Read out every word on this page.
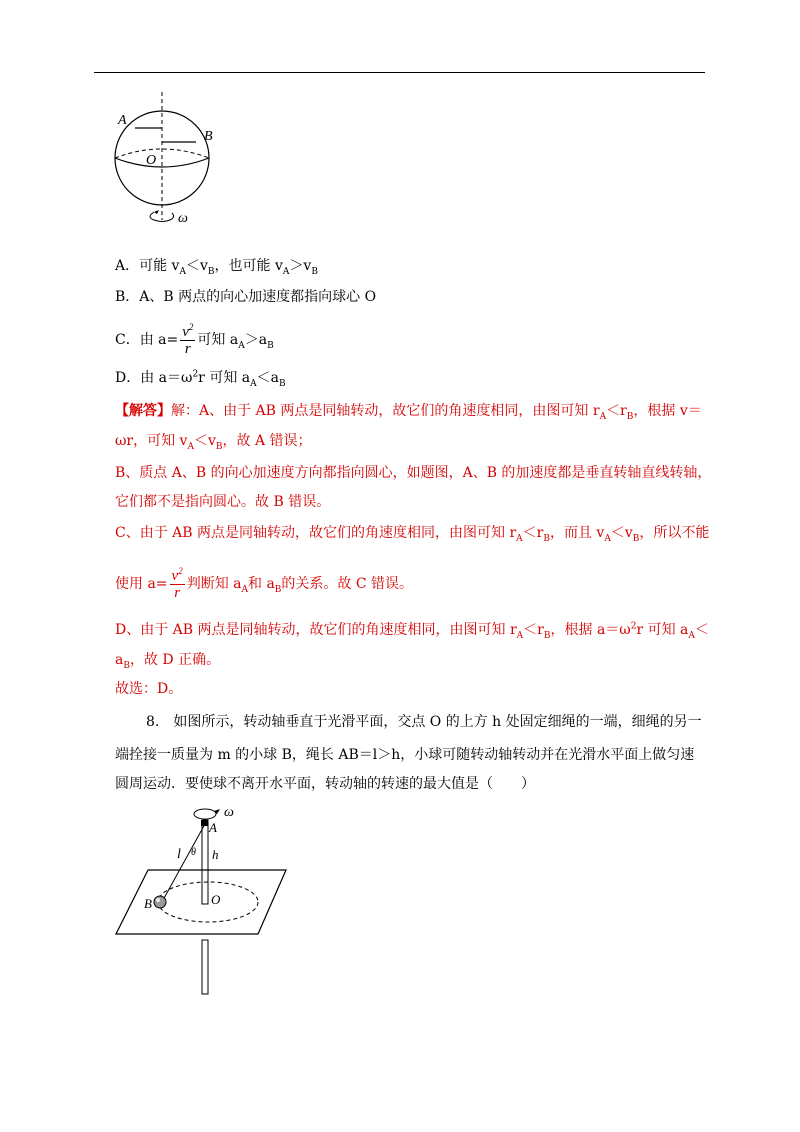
A
B
O
ω
A．可能 $v_A<v_B$，也可能 $v_A>v_B$
B．A、B 两点的向心加速度都指向球心 O
C．由 $a= \frac{v^2}{r}$ 可知 $a_A>a_B$
D．由 $a=\omega^2r$ 可知 $a_A<a_B$
【解答】解：A、由于 AB 两点是同轴转动，故它们的角速度相同，由图可知 $r_A<r_B$，根据 v＝
ωr，可知 $v_A<v_B$，故 A 错误；
B、质点 A、B 的向心加速度方向都指向圆心，如题图，A、B 的加速度都是垂直转轴直线转轴，
它们都不是指向圆心。故 B 错误。
C、由于 AB 两点是同轴转动，故它们的角速度相同，由图可知 $r_A<r_B$，而且 $v_A<v_B$，所以不能
使用 $a= \frac{v^2}{r}$ 判断知 $a_A$和 $a_B$的关系。故 C 错误。
D、由于 AB 两点是同轴转动，故它们的角速度相同，由图可知 $r_A<r_B$，根据 $a=\omega^2r$ 可知 $a_A<$
$a_B$，故 D 正确。
故选：D。
8.　如图所示，转动轴垂直于光滑平面，交点 O 的上方 h 处固定细绳的一端，细绳的另一
端拴接一质量为 m 的小球 B，绳长 AB＝l＞h，小球可随转动轴转动并在光滑水平面上做匀速
圆周运动．要使球不离开水平面，转动轴的转速的最大值是（　　）
ω
A
l θ h
B	O
